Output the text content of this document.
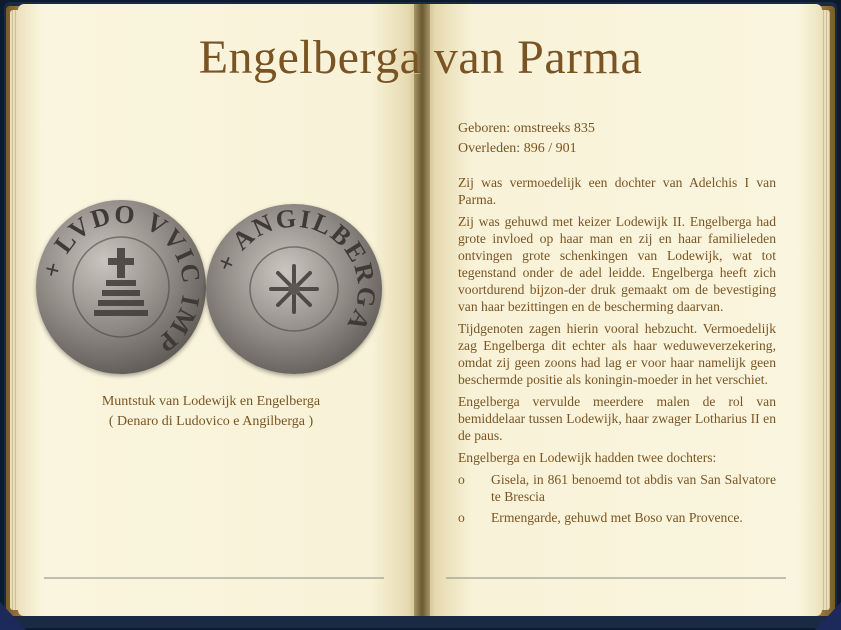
Engelberga van Parma
+ LVDO VVIC IMP
+ ANGILBERGA
Muntstuk van Lodewijk en Engelberga
( Denaro di Ludovico e Angilberga )
Geboren: omstreeks 835
Overleden: 896 / 901

Zij was vermoedelijk een dochter van Adelchis I van Parma.

Zij was gehuwd met keizer Lodewijk II. Engelberga had grote invloed op haar man en zij en haar familieleden ontvingen grote schenkingen van Lodewijk, wat tot tegenstand onder de adel leidde. Engelberga heeft zich voortdurend bijzon-der druk gemaakt om de bevestiging van haar bezittingen en de bescherming daarvan.

Tijdgenoten zagen hierin vooral hebzucht. Vermoedelijk zag Engelberga dit echter als haar weduweverzekering, omdat zij geen zoons had lag er voor haar namelijk geen beschermde positie als koningin-moeder in het verschiet.

Engelberga vervulde meerdere malen de rol van bemiddelaar tussen Lodewijk, haar zwager Lotharius II en de paus.

Engelberga en Lodewijk hadden twee dochters:

o	Gisela, in 861 benoemd tot abdis van San Salvatore te Brescia
o	Ermengarde, gehuwd met Boso van Provence.
